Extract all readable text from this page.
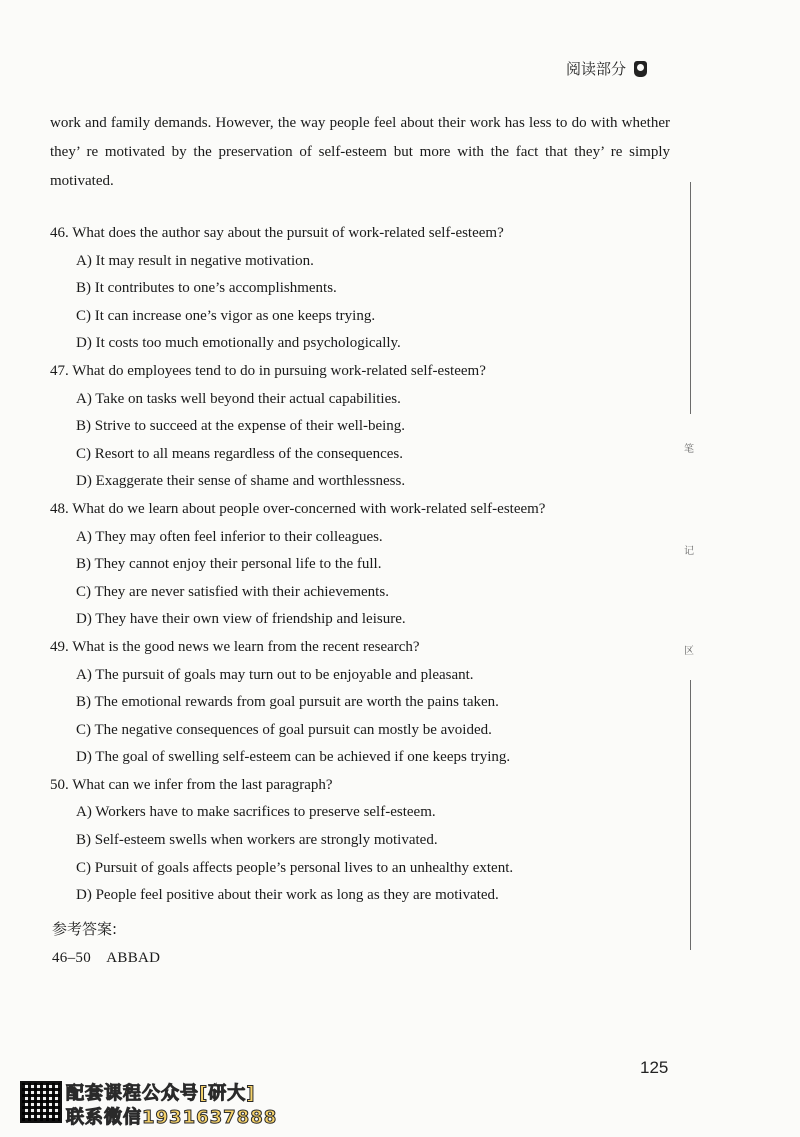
阅读部分
work and family demands. However, the way people feel about their work has less to do with whether they’ re motivated by the preservation of self-esteem but more with the fact that they’ re simply motivated.
46. What does the author say about the pursuit of work-related self-esteem?
A) It may result in negative motivation.
B) It contributes to one’s accomplishments.
C) It can increase one’s vigor as one keeps trying.
D) It costs too much emotionally and psychologically.
47. What do employees tend to do in pursuing work-related self-esteem?
A) Take on tasks well beyond their actual capabilities.
B) Strive to succeed at the expense of their well-being.
C) Resort to all means regardless of the consequences.
D) Exaggerate their sense of shame and worthlessness.
48. What do we learn about people over-concerned with work-related self-esteem?
A) They may often feel inferior to their colleagues.
B) They cannot enjoy their personal life to the full.
C) They are never satisfied with their achievements.
D) They have their own view of friendship and leisure.
49. What is the good news we learn from the recent research?
A) The pursuit of goals may turn out to be enjoyable and pleasant.
B) The emotional rewards from goal pursuit are worth the pains taken.
C) The negative consequences of goal pursuit can mostly be avoided.
D) The goal of swelling self-esteem can be achieved if one keeps trying.
50. What can we infer from the last paragraph?
A) Workers have to make sacrifices to preserve self-esteem.
B) Self-esteem swells when workers are strongly motivated.
C) Pursuit of goals affects people’s personal lives to an unhealthy extent.
D) People feel positive about their work as long as they are motivated.
参考答案:
46–50　ABBAD
笔
记
区
125
配套课程公众号[研大]
联系微信1931637888
